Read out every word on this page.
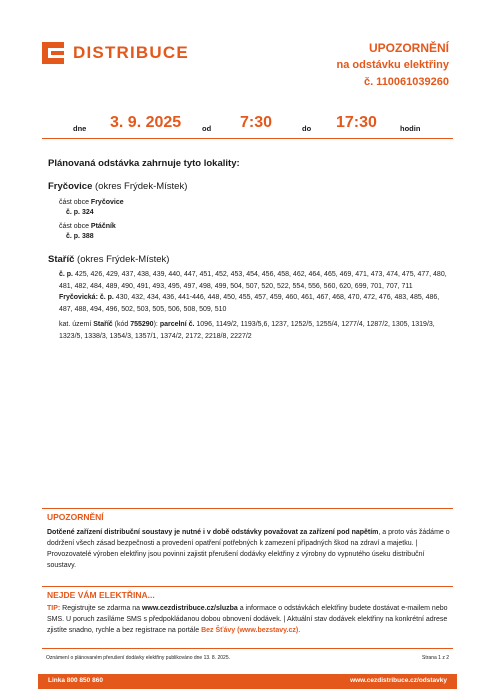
DISTRIBUCE	UPOZORNĚNÍ
na odstávku elektřiny
č. 110061039260
dne 3. 9. 2025	od 7:30	do 17:30	hodin
Plánovaná odstávka zahrnuje tyto lokality:
Fryčovice (okres Frýdek-Místek)
část obce Fryčovice
č. p. 324
část obce Ptáčník
č. p. 388
Staříč (okres Frýdek-Místek)
č. p. 425, 426, 429, 437, 438, 439, 440, 447, 451, 452, 453, 454, 456, 458, 462, 464, 465, 469, 471, 473, 474, 475, 477, 480, 481, 482, 484, 489, 490, 491, 493, 495, 497, 498, 499, 504, 507, 520, 522, 554, 556, 560, 620, 699, 701, 707, 711
Fryčovická: č. p. 430, 432, 434, 436, 441-446, 448, 450, 455, 457, 459, 460, 461, 467, 468, 470, 472, 476, 483, 485, 486, 487, 488, 494, 496, 502, 503, 505, 506, 508, 509, 510
kat. území Staříč (kód 755290): parcelní č. 1096, 1149/2, 1193/5,6, 1237, 1252/5, 1255/4, 1277/4, 1287/2, 1305, 1319/3, 1323/5, 1338/3, 1354/3, 1357/1, 1374/2, 2172, 2218/8, 2227/2
UPOZORNĚNÍ
Dotčené zařízení distribuční soustavy je nutné i v době odstávky považovat za zařízení pod napětím, a proto vás žádáme o dodržení všech zásad bezpečnosti a provedení opatření potřebných k zamezení případných škod na zdraví a majetku. | Provozovatelé výroben elektřiny jsou povinni zajistit přerušení dodávky elektřiny z výrobny do vypnutého úseku distribuční soustavy.
NEJDE VÁM ELEKTŘINA...
TIP: Registrujte se zdarma na www.cezdistribuce.cz/sluzba a informace o odstávkách elektřiny budete dostávat e-mailem nebo SMS. U poruch zasíláme SMS s předpokládanou dobou obnovení dodávek. | Aktuální stav dodávek elektřiny na konkrétní adrese zjistíte snadno, rychle a bez registrace na portále Bez Šťávy (www.bezstavy.cz).
Oznámení o plánovaném přerušení dodávky elektřiny publikováno dne 13. 8. 2025.	Strana 1 z 2
Linka 800 850 860	www.cezdistribuce.cz/odstavky
